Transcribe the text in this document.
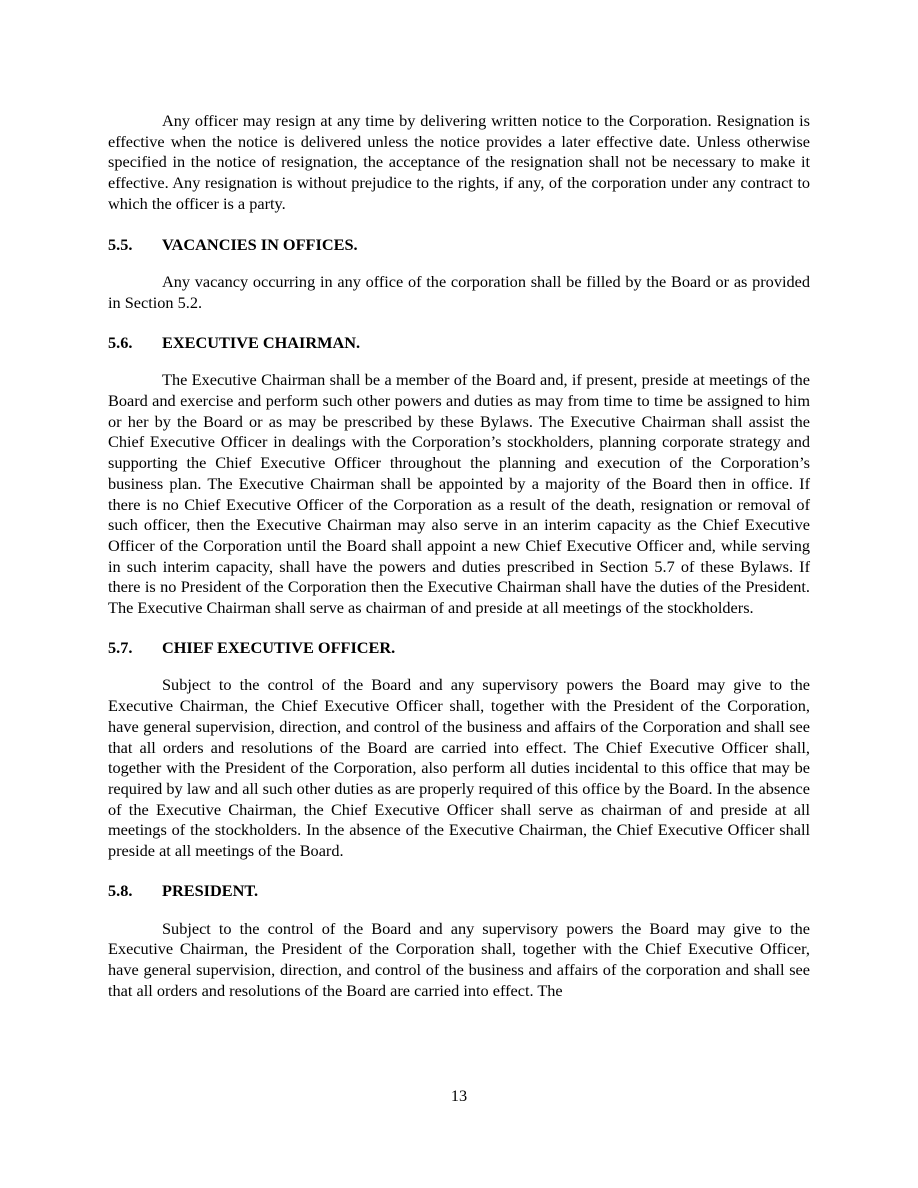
Any officer may resign at any time by delivering written notice to the Corporation. Resignation is effective when the notice is delivered unless the notice provides a later effective date. Unless otherwise specified in the notice of resignation, the acceptance of the resignation shall not be necessary to make it effective. Any resignation is without prejudice to the rights, if any, of the corporation under any contract to which the officer is a party.

5.5.	VACANCIES IN OFFICES.

Any vacancy occurring in any office of the corporation shall be filled by the Board or as provided in Section 5.2.

5.6.	EXECUTIVE CHAIRMAN.

The Executive Chairman shall be a member of the Board and, if present, preside at meetings of the Board and exercise and perform such other powers and duties as may from time to time be assigned to him or her by the Board or as may be prescribed by these Bylaws. The Executive Chairman shall assist the Chief Executive Officer in dealings with the Corporation’s stockholders, planning corporate strategy and supporting the Chief Executive Officer throughout the planning and execution of the Corporation’s business plan. The Executive Chairman shall be appointed by a majority of the Board then in office. If there is no Chief Executive Officer of the Corporation as a result of the death, resignation or removal of such officer, then the Executive Chairman may also serve in an interim capacity as the Chief Executive Officer of the Corporation until the Board shall appoint a new Chief Executive Officer and, while serving in such interim capacity, shall have the powers and duties prescribed in Section 5.7 of these Bylaws. If there is no President of the Corporation then the Executive Chairman shall have the duties of the President. The Executive Chairman shall serve as chairman of and preside at all meetings of the stockholders.

5.7.	CHIEF EXECUTIVE OFFICER.

Subject to the control of the Board and any supervisory powers the Board may give to the Executive Chairman, the Chief Executive Officer shall, together with the President of the Corporation, have general supervision, direction, and control of the business and affairs of the Corporation and shall see that all orders and resolutions of the Board are carried into effect. The Chief Executive Officer shall, together with the President of the Corporation, also perform all duties incidental to this office that may be required by law and all such other duties as are properly required of this office by the Board. In the absence of the Executive Chairman, the Chief Executive Officer shall serve as chairman of and preside at all meetings of the stockholders. In the absence of the Executive Chairman, the Chief Executive Officer shall preside at all meetings of the Board.

5.8.	PRESIDENT.

Subject to the control of the Board and any supervisory powers the Board may give to the Executive Chairman, the President of the Corporation shall, together with the Chief Executive Officer, have general supervision, direction, and control of the business and affairs of the corporation and shall see that all orders and resolutions of the Board are carried into effect. The

13
